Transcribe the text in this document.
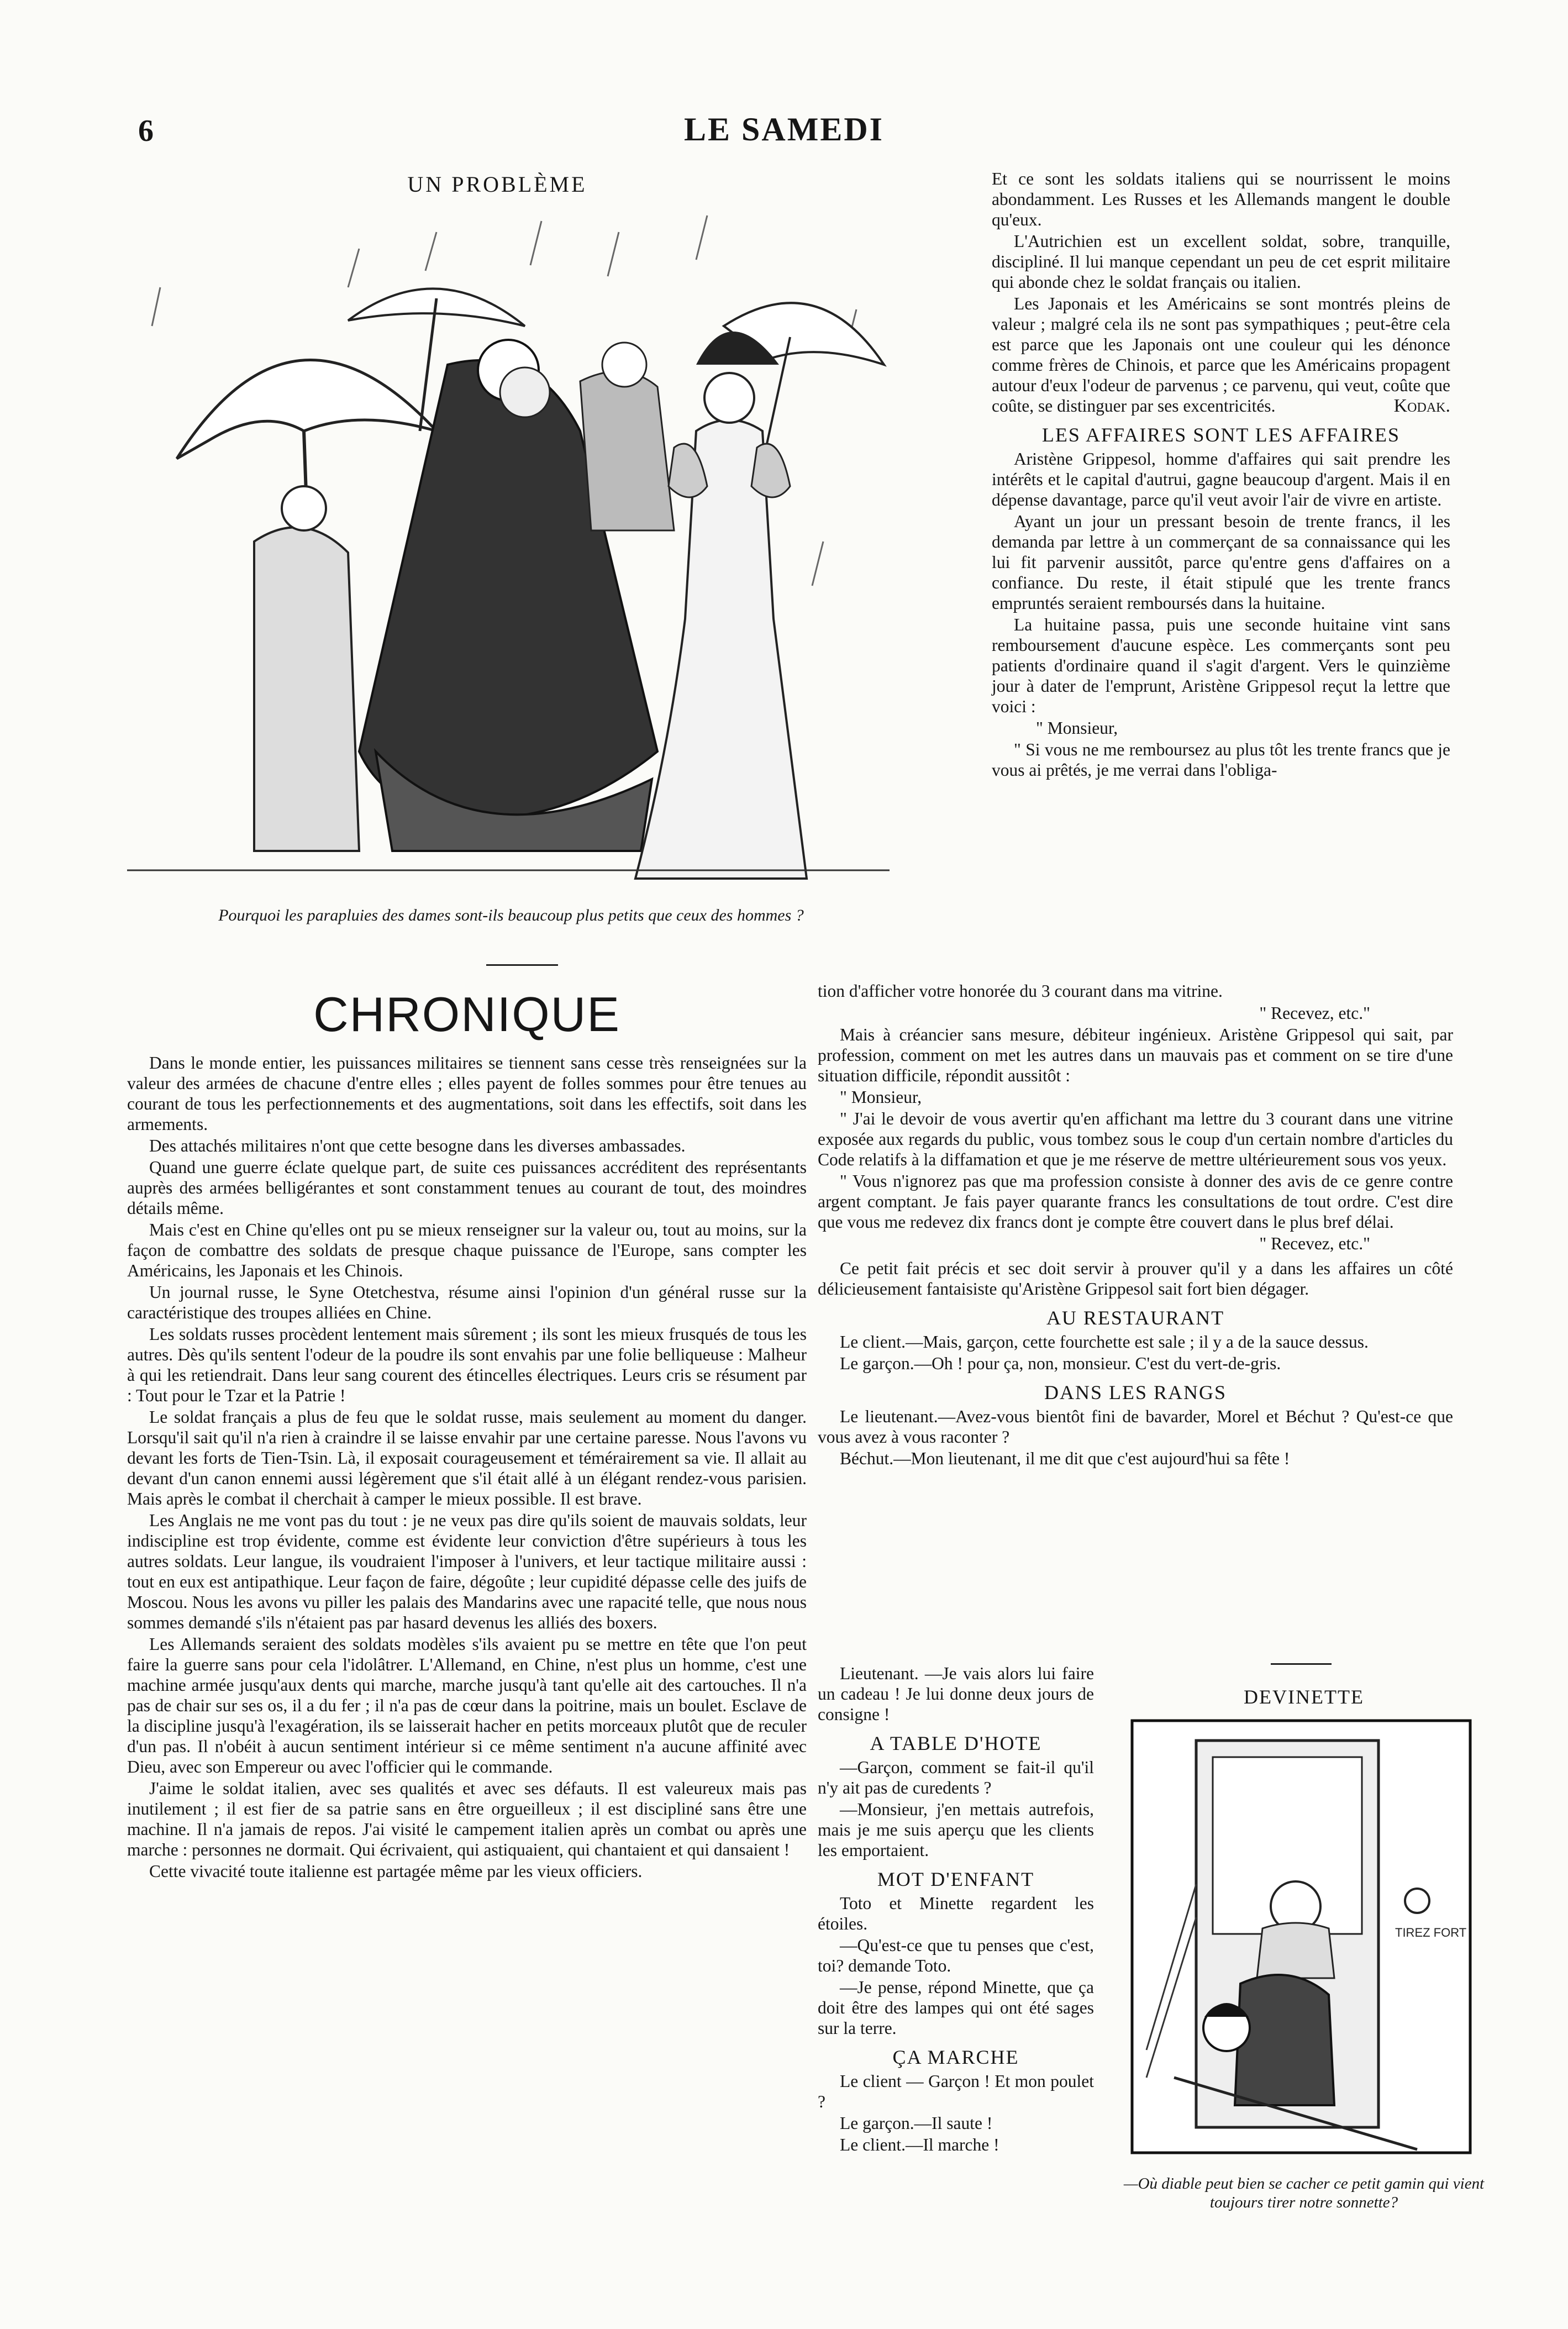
6	LE SAMEDI
UN PROBLÈME
Pourquoi les parapluies des dames sont-ils beaucoup plus petits que ceux des hommes ?
CHRONIQUE

Dans le monde entier, les puissances militaires se tiennent sans cesse très renseignées sur la valeur des armées de chacune d'entre elles ; elles payent de folles sommes pour être tenues au courant de tous les perfectionnements et des augmentations, soit dans les effectifs, soit dans les armements.

Des attachés militaires n'ont que cette besogne dans les diverses ambassades.

Quand une guerre éclate quelque part, de suite ces puissances accréditent des représentants auprès des armées belligérantes et sont constamment tenues au courant de tout, des moindres détails même.

Mais c'est en Chine qu'elles ont pu se mieux renseigner sur la valeur ou, tout au moins, sur la façon de combattre des soldats de presque chaque puissance de l'Europe, sans compter les Américains, les Japonais et les Chinois.

Un journal russe, le Syne Otetchestva, résume ainsi l'opinion d'un général russe sur la caractéristique des troupes alliées en Chine.

Les soldats russes procèdent lentement mais sûrement ; ils sont les mieux frusqués de tous les autres. Dès qu'ils sentent l'odeur de la poudre ils sont envahis par une folie belliqueuse : Malheur à qui les retiendrait. Dans leur sang courent des étincelles électriques. Leurs cris se résument par : Tout pour le Tzar et la Patrie !

Le soldat français a plus de feu que le soldat russe, mais seulement au moment du danger. Lorsqu'il sait qu'il n'a rien à craindre il se laisse envahir par une certaine paresse. Nous l'avons vu devant les forts de Tien-Tsin. Là, il exposait courageusement et témérairement sa vie. Il allait au devant d'un canon ennemi aussi légèrement que s'il était allé à un élégant rendez-vous parisien. Mais après le combat il cherchait à camper le mieux possible. Il est brave.

Les Anglais ne me vont pas du tout : je ne veux pas dire qu'ils soient de mauvais soldats, leur indiscipline est trop évidente, comme est évidente leur conviction d'être supérieurs à tous les autres soldats. Leur langue, ils voudraient l'imposer à l'univers, et leur tactique militaire aussi : tout en eux est antipathique. Leur façon de faire, dégoûte ; leur cupidité dépasse celle des juifs de Moscou. Nous les avons vu piller les palais des Mandarins avec une rapacité telle, que nous nous sommes demandé s'ils n'étaient pas par hasard devenus les alliés des boxers.

Les Allemands seraient des soldats modèles s'ils avaient pu se mettre en tête que l'on peut faire la guerre sans pour cela l'idolâtrer. L'Allemand, en Chine, n'est plus un homme, c'est une machine armée jusqu'aux dents qui marche, marche jusqu'à tant qu'elle ait des cartouches. Il n'a pas de chair sur ses os, il a du fer ; il n'a pas de cœur dans la poitrine, mais un boulet. Esclave de la discipline jusqu'à l'exagération, ils se laisserait hacher en petits morceaux plutôt que de reculer d'un pas. Il n'obéit à aucun sentiment intérieur si ce même sentiment n'a aucune affinité avec Dieu, avec son Empereur ou avec l'officier qui le commande.

J'aime le soldat italien, avec ses qualités et avec ses défauts. Il est valeureux mais pas inutilement ; il est fier de sa patrie sans en être orgueilleux ; il est discipliné sans être une machine. Il n'a jamais de repos. J'ai visité le campement italien après un combat ou après une marche : personnes ne dormait. Qui écrivaient, qui astiquaient, qui chantaient et qui dansaient !

Cette vivacité toute italienne est partagée même par les vieux officiers.

Et ce sont les soldats italiens qui se nourrissent le moins abondamment. Les Russes et les Allemands mangent le double qu'eux.

L'Autrichien est un excellent soldat, sobre, tranquille, discipliné. Il lui manque cependant un peu de cet esprit militaire qui abonde chez le soldat français ou italien.

Les Japonais et les Américains se sont montrés pleins de valeur ; malgré cela ils ne sont pas sympathiques ; peut-être cela est parce que les Japonais ont une couleur qui les dénonce comme frères de Chinois, et parce que les Américains propagent autour d'eux l'odeur de parvenus ; ce parvenu, qui veut, coûte que coûte, se distinguer par ses excentricités.	Kodak.

LES AFFAIRES SONT LES AFFAIRES

Aristène Grippesol, homme d'affaires qui sait prendre les intérêts et le capital d'autrui, gagne beaucoup d'argent. Mais il en dépense davantage, parce qu'il veut avoir l'air de vivre en artiste.

Ayant un jour un pressant besoin de trente francs, il les demanda par lettre à un commerçant de sa connaissance qui les lui fit parvenir aussitôt, parce qu'entre gens d'affaires on a confiance. Du reste, il était stipulé que les trente francs empruntés seraient remboursés dans la huitaine.

La huitaine passa, puis une seconde huitaine vint sans remboursement d'aucune espèce. Les commerçants sont peu patients d'ordinaire quand il s'agit d'argent. Vers le quinzième jour à dater de l'emprunt, Aristène Grippesol reçut la lettre que voici :

" Monsieur,

" Si vous ne me remboursez au plus tôt les trente francs que je vous ai prêtés, je me verrai dans l'obliga-

tion d'afficher votre honorée du 3 courant dans ma vitrine.

" Recevez, etc."

Mais à créancier sans mesure, débiteur ingénieux. Aristène Grippesol qui sait, par profession, comment on met les autres dans un mauvais pas et comment on se tire d'une situation difficile, répondit aussitôt :

" Monsieur,

" J'ai le devoir de vous avertir qu'en affichant ma lettre du 3 courant dans une vitrine exposée aux regards du public, vous tombez sous le coup d'un certain nombre d'articles du Code relatifs à la diffamation et que je me réserve de mettre ultérieurement sous vos yeux.

" Vous n'ignorez pas que ma profession consiste à donner des avis de ce genre contre argent comptant. Je fais payer quarante francs les consultations de tout ordre. C'est dire que vous me redevez dix francs dont je compte être couvert dans le plus bref délai.

" Recevez, etc."

Ce petit fait précis et sec doit servir à prouver qu'il y a dans les affaires un côté délicieusement fantaisiste qu'Aristène Grippesol sait fort bien dégager.

AU RESTAURANT

Le client.—Mais, garçon, cette fourchette est sale ; il y a de la sauce dessus.

Le garçon.—Oh ! pour ça, non, monsieur. C'est du vert-de-gris.

DANS LES RANGS

Le lieutenant.—Avez-vous bientôt fini de bavarder, Morel et Béchut ? Qu'est-ce que vous avez à vous raconter ?

Béchut.—Mon lieutenant, il me dit que c'est aujourd'hui sa fête !

Lieutenant. —Je vais alors lui faire un cadeau ! Je lui donne deux jours de consigne !

A TABLE D'HOTE

—Garçon, comment se fait-il qu'il n'y ait pas de curedents ?

—Monsieur, j'en mettais autrefois, mais je me suis aperçu que les clients les emportaient.

MOT D'ENFANT

Toto et Minette regardent les étoiles.

—Qu'est-ce que tu penses que c'est, toi? demande Toto.

—Je pense, répond Minette, que ça doit être des lampes qui ont été sages sur la terre.

ÇA MARCHE

Le client — Garçon ! Et mon poulet ?

Le garçon.—Il saute !

Le client.—Il marche !

DEVINETTE
TIREZ FORT
—Où diable peut bien se cacher ce petit gamin qui vient toujours tirer notre sonnette?
